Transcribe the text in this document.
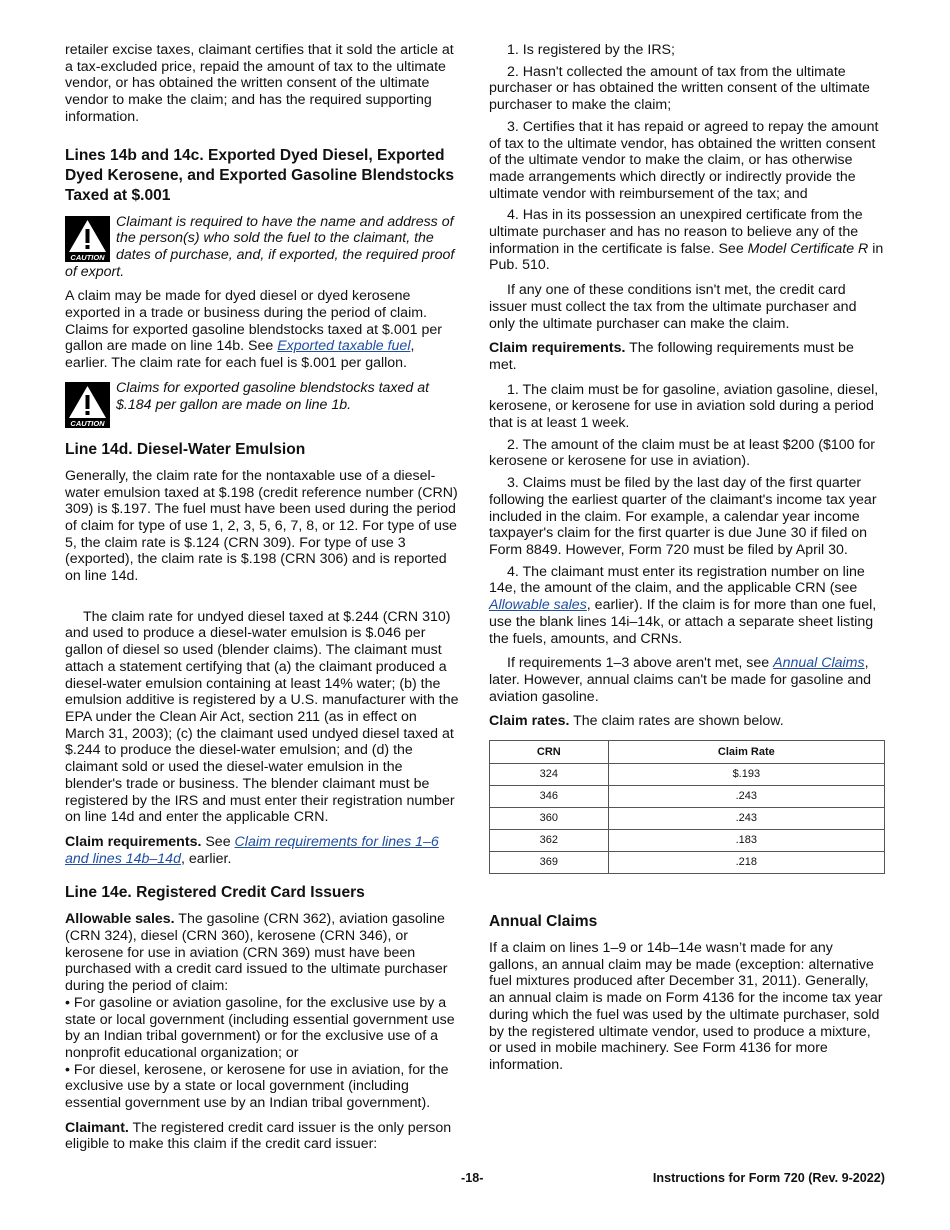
retailer excise taxes, claimant certifies that it sold the article at a tax-excluded price, repaid the amount of tax to the ultimate vendor, or has obtained the written consent of the ultimate vendor to make the claim; and has the required supporting information.

Lines 14b and 14c. Exported Dyed Diesel, Exported Dyed Kerosene, and Exported Gasoline Blendstocks Taxed at $.001
CAUTION
Claimant is required to have the name and address of the person(s) who sold the fuel to the claimant, the dates of purchase, and, if exported, the required proof of export.

A claim may be made for dyed diesel or dyed kerosene exported in a trade or business during the period of claim. Claims for exported gasoline blendstocks taxed at $.001 per gallon are made on line 14b. See Exported taxable fuel, earlier. The claim rate for each fuel is $.001 per gallon.

CAUTION
Claims for exported gasoline blendstocks taxed at $.184 per gallon are made on line 1b.
Line 14d. Diesel-Water Emulsion

Generally, the claim rate for the nontaxable use of a diesel-water emulsion taxed at $.198 (credit reference number (CRN) 309) is $.197. The fuel must have been used during the period of claim for type of use 1, 2, 3, 5, 6, 7, 8, or 12. For type of use 5, the claim rate is $.124 (CRN 309). For type of use 3 (exported), the claim rate is $.198 (CRN 306) and is reported on line 14d.

The claim rate for undyed diesel taxed at $.244 (CRN 310) and used to produce a diesel-water emulsion is $.046 per gallon of diesel so used (blender claims). The claimant must attach a statement certifying that (a) the claimant produced a diesel-water emulsion containing at least 14% water; (b) the emulsion additive is registered by a U.S. manufacturer with the EPA under the Clean Air Act, section 211 (as in effect on March 31, 2003); (c) the claimant used undyed diesel taxed at $.244 to produce the diesel-water emulsion; and (d) the claimant sold or used the diesel-water emulsion in the blender's trade or business. The blender claimant must be registered by the IRS and must enter their registration number on line 14d and enter the applicable CRN.

Claim requirements. See Claim requirements for lines 1–6 and lines 14b–14d, earlier.

Line 14e. Registered Credit Card Issuers

Allowable sales. The gasoline (CRN 362), aviation gasoline (CRN 324), diesel (CRN 360), kerosene (CRN 346), or kerosene for use in aviation (CRN 369) must have been purchased with a credit card issued to the ultimate purchaser during the period of claim:

• For gasoline or aviation gasoline, for the exclusive use by a state or local government (including essential government use by an Indian tribal government) or for the exclusive use of a nonprofit educational organization; or

• For diesel, kerosene, or kerosene for use in aviation, for the exclusive use by a state or local government (including essential government use by an Indian tribal government).

Claimant. The registered credit card issuer is the only person eligible to make this claim if the credit card issuer:

1. Is registered by the IRS;

2. Hasn't collected the amount of tax from the ultimate purchaser or has obtained the written consent of the ultimate purchaser to make the claim;

3. Certifies that it has repaid or agreed to repay the amount of tax to the ultimate vendor, has obtained the written consent of the ultimate vendor to make the claim, or has otherwise made arrangements which directly or indirectly provide the ultimate vendor with reimbursement of the tax; and

4. Has in its possession an unexpired certificate from the ultimate purchaser and has no reason to believe any of the information in the certificate is false. See Model Certificate R in Pub. 510.

If any one of these conditions isn't met, the credit card issuer must collect the tax from the ultimate purchaser and only the ultimate purchaser can make the claim.

Claim requirements. The following requirements must be met.

1. The claim must be for gasoline, aviation gasoline, diesel, kerosene, or kerosene for use in aviation sold during a period that is at least 1 week.

2. The amount of the claim must be at least $200 ($100 for kerosene or kerosene for use in aviation).

3. Claims must be filed by the last day of the first quarter following the earliest quarter of the claimant's income tax year included in the claim. For example, a calendar year income taxpayer's claim for the first quarter is due June 30 if filed on Form 8849. However, Form 720 must be filed by April 30.

4. The claimant must enter its registration number on line 14e, the amount of the claim, and the applicable CRN (see Allowable sales, earlier). If the claim is for more than one fuel, use the blank lines 14i–14k, or attach a separate sheet listing the fuels, amounts, and CRNs.

If requirements 1–3 above aren't met, see Annual Claims, later. However, annual claims can't be made for gasoline and aviation gasoline.

Claim rates. The claim rates are shown below.

CRN	Claim Rate
324	$.193
346	.243
360	.243
362	.183
369	.218
Annual Claims

If a claim on lines 1–9 or 14b–14e wasn’t made for any gallons, an annual claim may be made (exception: alternative fuel mixtures produced after December 31, 2011). Generally, an annual claim is made on Form 4136 for the income tax year during which the fuel was used by the ultimate purchaser, sold by the registered ultimate vendor, used to produce a mixture, or used in mobile machinery. See Form 4136 for more information.

-18-	Instructions for Form 720 (Rev. 9-2022)
